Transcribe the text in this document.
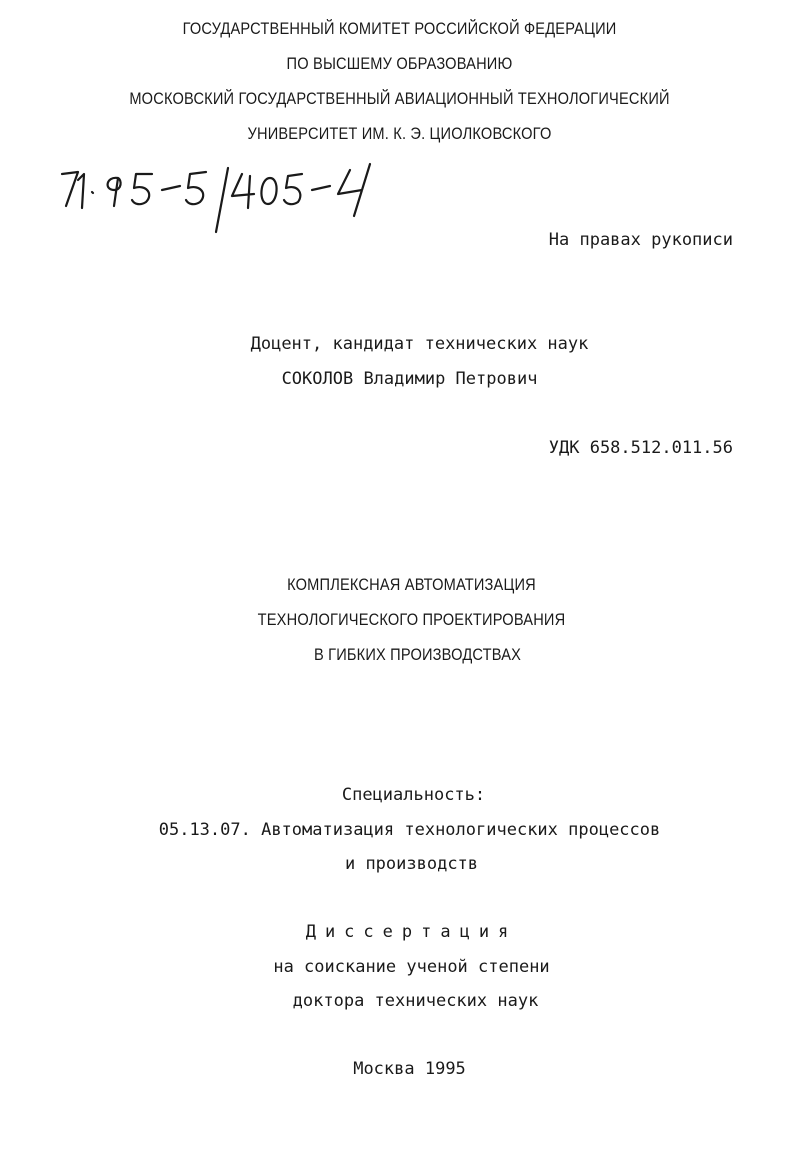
ГОСУДАРСТВЕННЫЙ КОМИТЕТ РОССИЙСКОЙ ФЕДЕРАЦИИ
ПО ВЫСШЕМУ ОБРАЗОВАНИЮ
МОСКОВСКИЙ ГОСУДАРСТВЕННЫЙ АВИАЦИОННЫЙ ТЕХНОЛОГИЧЕСКИЙ
УНИВЕРСИТЕТ ИМ. К. Э. ЦИОЛКОВСКОГО
На правах рукописи
Доцент, кандидат технических наук
СОКОЛОВ Владимир Петрович
УДК 658.512.011.56
КОМПЛЕКСНАЯ АВТОМАТИЗАЦИЯ
ТЕХНОЛОГИЧЕСКОГО ПРОЕКТИРОВАНИЯ
В ГИБКИХ ПРОИЗВОДСТВАХ
Специальность:
05.13.07. Автоматизация технологических процессов
и производств
Диссертация
на соискание ученой степени
доктора технических наук
Москва 1995
